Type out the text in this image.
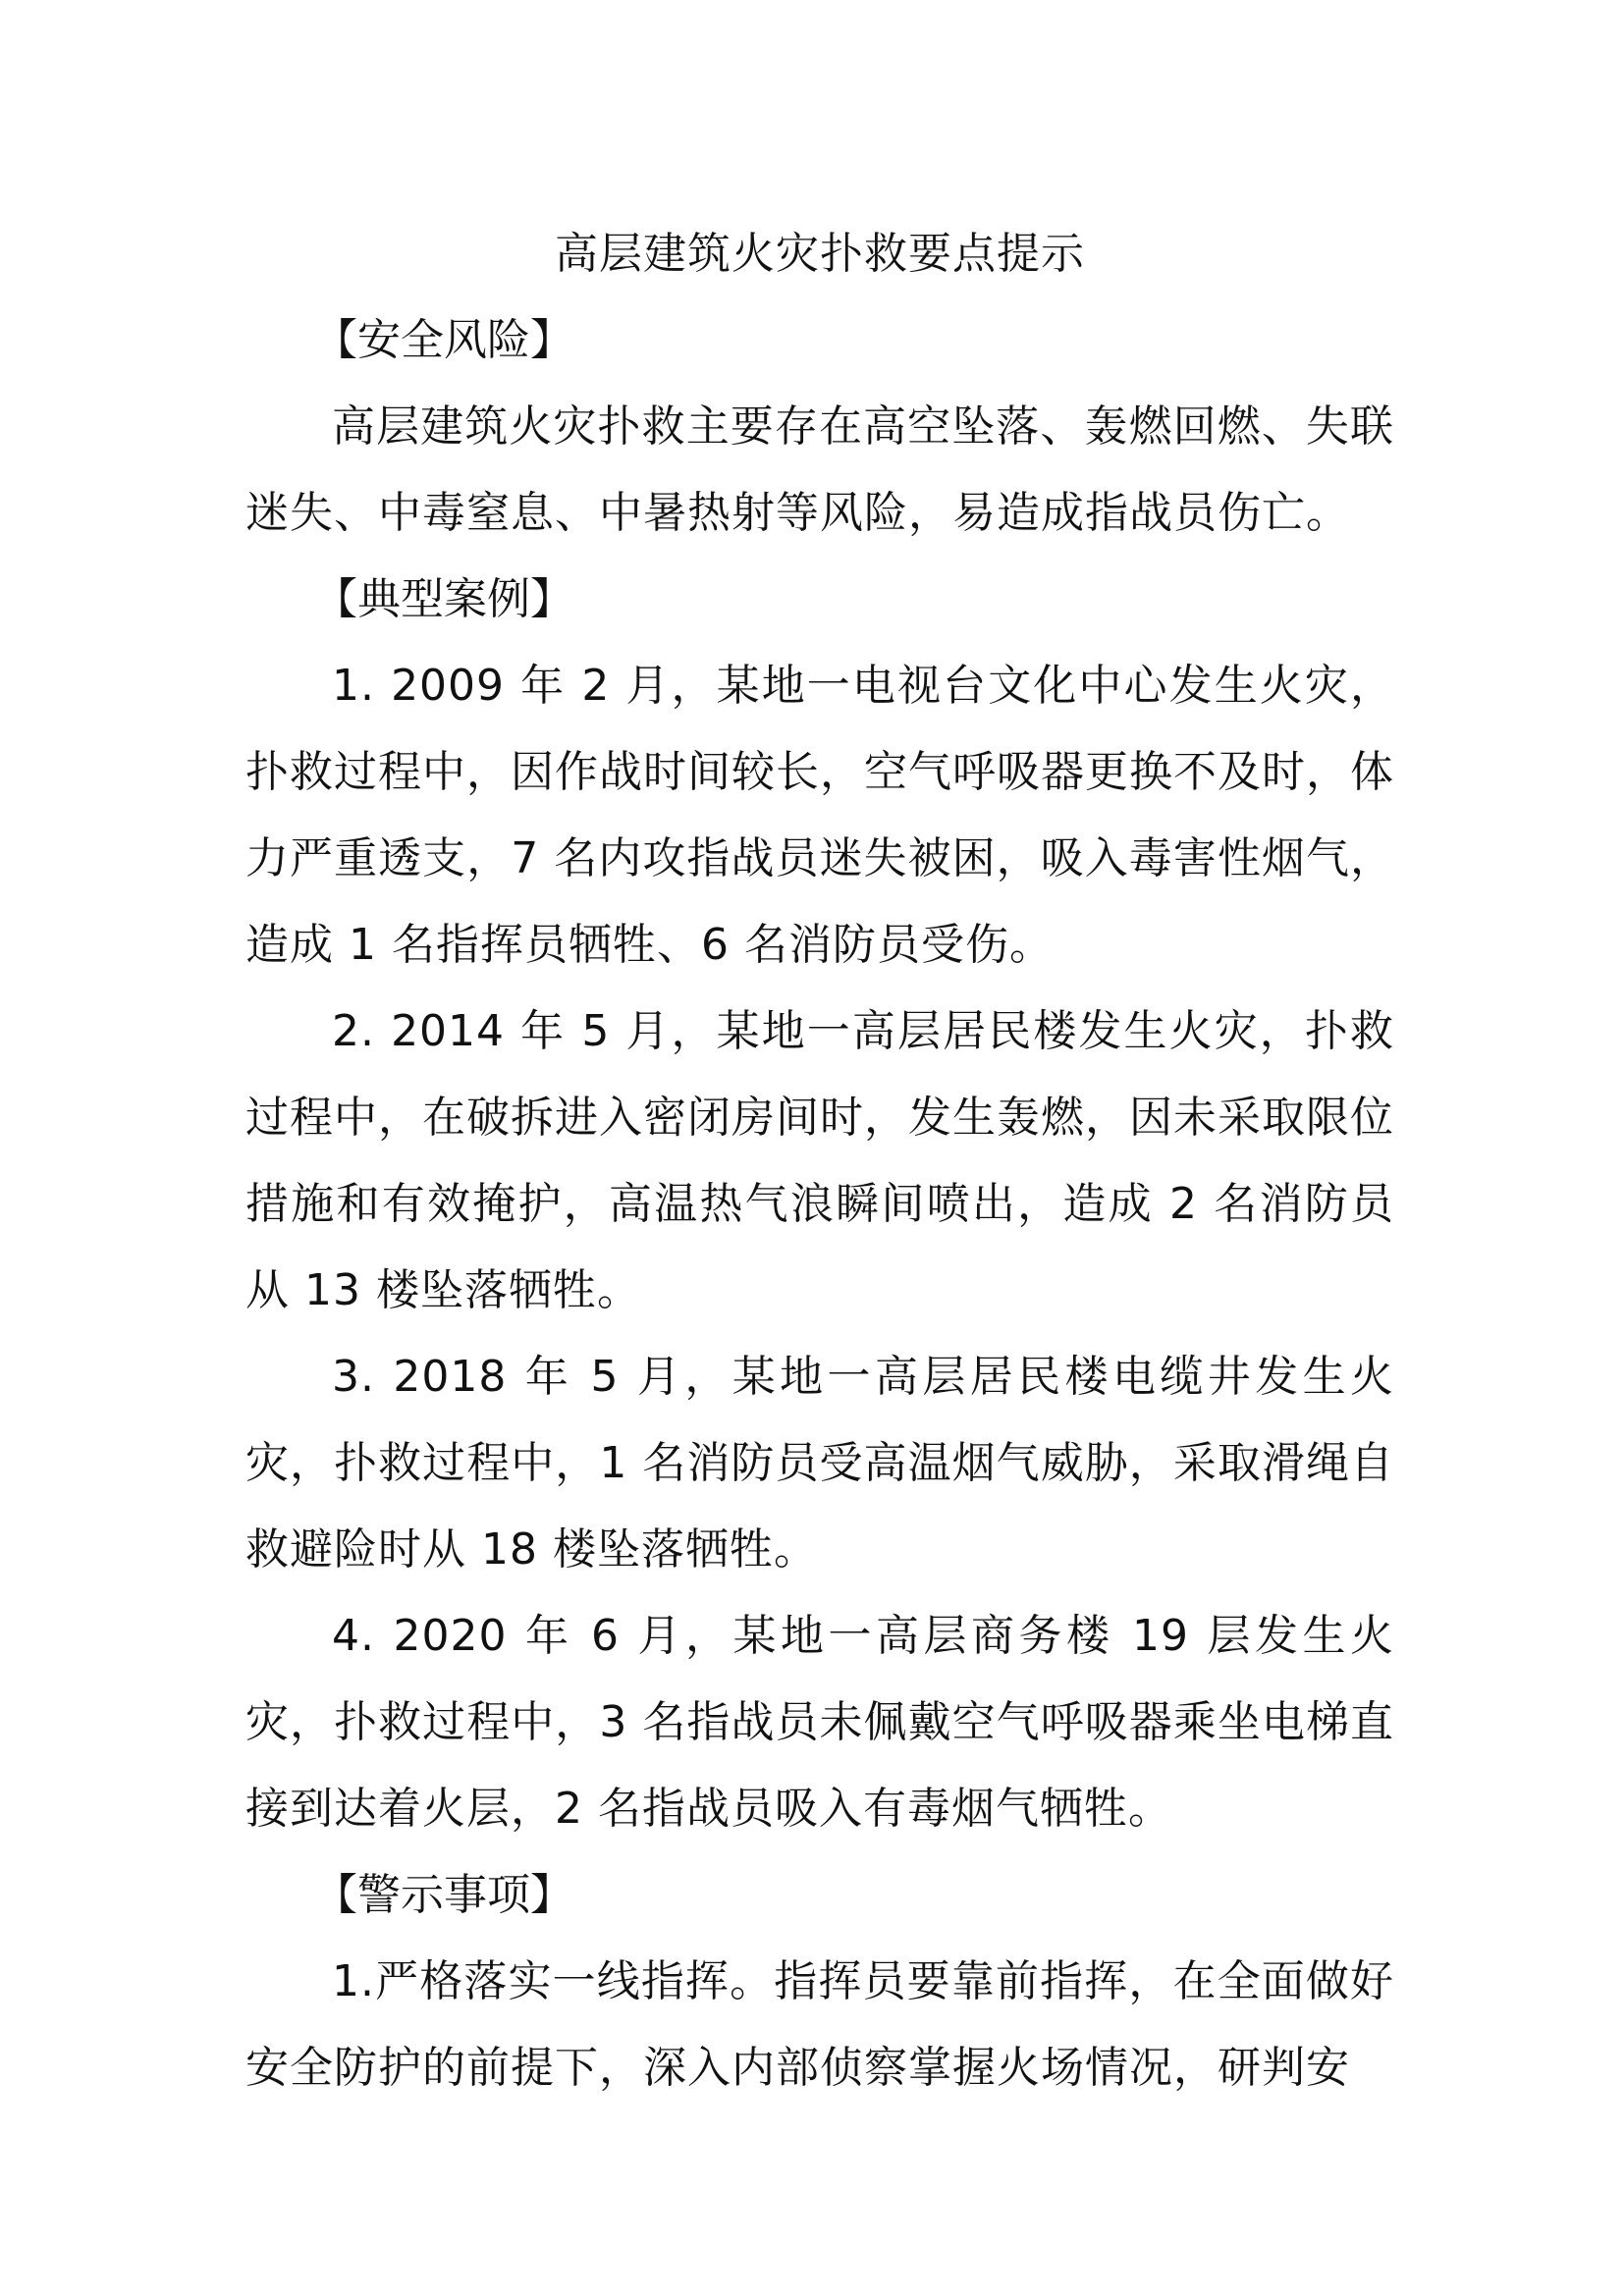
高层建筑火灾扑救要点提示
【安全风险】

高层建筑火灾扑救主要存在高空坠落、轰燃回燃、失联迷失、中毒窒息、中暑热射等风险，易造成指战员伤亡。

【典型案例】

1. 2009 年 2 月，某地一电视台文化中心发生火灾，扑救过程中，因作战时间较长，空气呼吸器更换不及时，体力严重透支，7 名内攻指战员迷失被困，吸入毒害性烟气，造成 1 名指挥员牺牲、6 名消防员受伤。

2. 2014 年 5 月，某地一高层居民楼发生火灾，扑救过程中，在破拆进入密闭房间时，发生轰燃，因未采取限位措施和有效掩护，高温热气浪瞬间喷出，造成 2 名消防员从 13 楼坠落牺牲。

3. 2018 年 5 月，某地一高层居民楼电缆井发生火灾，扑救过程中，1 名消防员受高温烟气威胁，采取滑绳自救避险时从 18 楼坠落牺牲。

4. 2020 年 6 月，某地一高层商务楼 19 层发生火灾，扑救过程中，3 名指战员未佩戴空气呼吸器乘坐电梯直接到达着火层，2 名指战员吸入有毒烟气牺牲。

【警示事项】

1.严格落实一线指挥。指挥员要靠前指挥，在全面做好安全防护的前提下，深入内部侦察掌握火场情况，研判安
